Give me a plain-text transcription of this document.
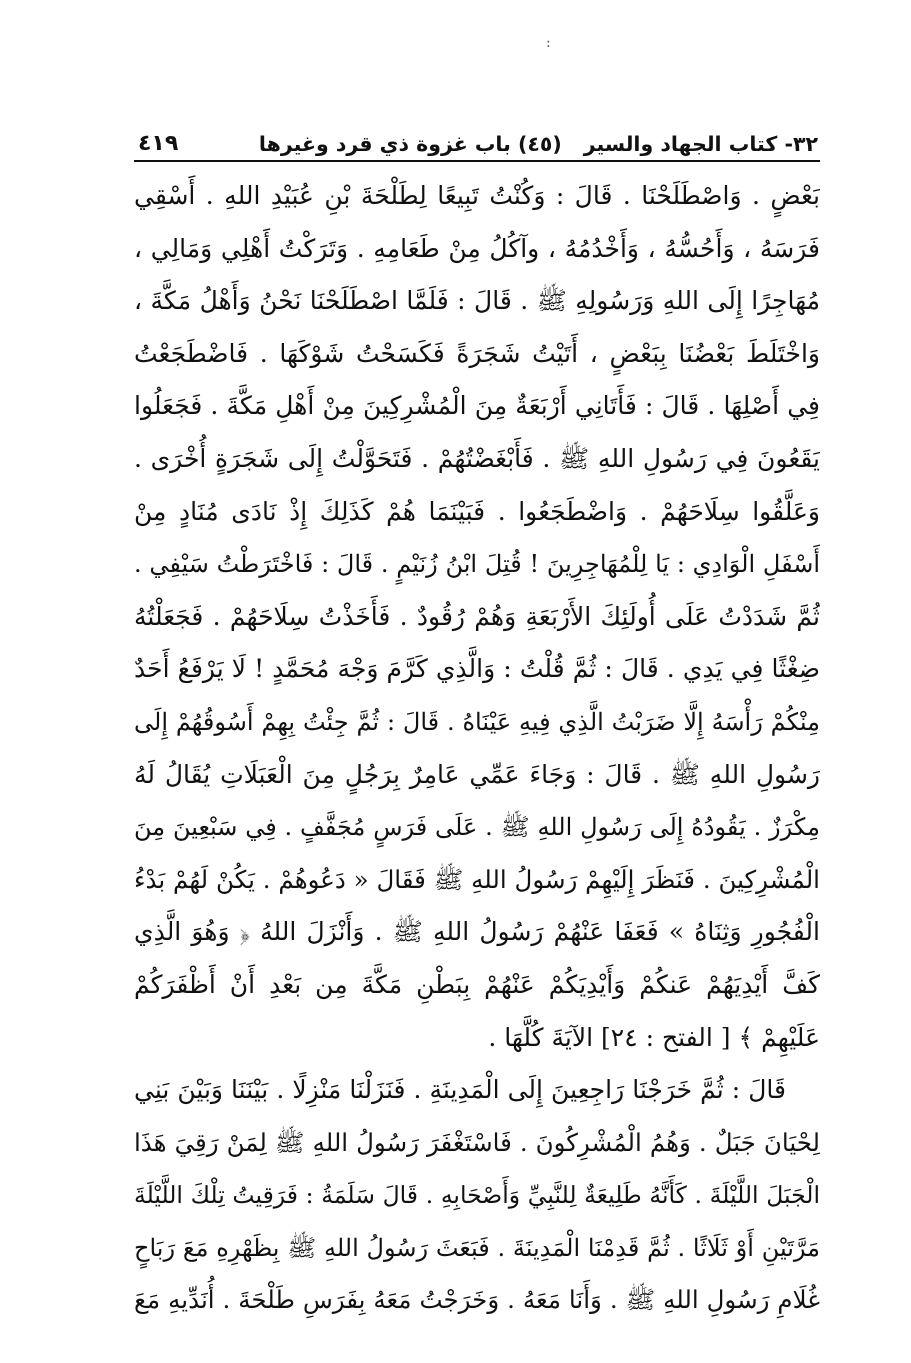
:
٣٢- كتاب الجهاد والسير(٤٥) باب غزوة ذي قرد وغيرها
٤١٩
بَعْضٍ . وَاصْطَلَحْنَا . قَالَ : وَكُنْتُ تَبِيعًا لِطَلْحَةَ بْنِ عُبَيْدِ اللهِ . أَسْقِي
فَرَسَهُ ، وَأَحُسُّهُ ، وَأَخْدُمُهُ ، وآكُلُ مِنْ طَعَامِهِ . وَتَرَكْتُ أَهْلِي وَمَالِي ،
مُهَاجِرًا إِلَى اللهِ وَرَسُولِهِ ﷺ . قَالَ : فَلَمَّا اصْطَلَحْنَا نَحْنُ وَأَهْلُ مَكَّةَ ،
وَاخْتَلَطَ بَعْضُنَا بِبَعْضٍ ، أَتَيْتُ شَجَرَةً فَكَسَحْتُ شَوْكَهَا . فَاضْطَجَعْتُ
فِي أَصْلِهَا . قَالَ : فَأَتَانِي أَرْبَعَةٌ مِنَ الْمُشْرِكِينَ مِنْ أَهْلِ مَكَّةَ . فَجَعَلُوا
يَقَعُونَ فِي رَسُولِ اللهِ ﷺ . فَأَبْغَضْتُهُمْ . فَتَحَوَّلْتُ إِلَى شَجَرَةٍ أُخْرَى .
وَعَلَّقُوا سِلَاحَهُمْ . وَاضْطَجَعُوا . فَبَيْنَمَا هُمْ كَذَلِكَ إِذْ نَادَى مُنَادٍ مِنْ
أَسْفَلِ الْوَادِي : يَا لِلْمُهَاجِرِينَ ! قُتِلَ ابْنُ زُنَيْمٍ . قَالَ : فَاخْتَرَطْتُ سَيْفِي .
ثُمَّ شَدَدْتُ عَلَى أُولَئِكَ الأَرْبَعَةِ وَهُمْ رُقُودٌ . فَأَخَذْتُ سِلَاحَهُمْ . فَجَعَلْتُهُ
ضِغْثًا فِي يَدِي . قَالَ : ثُمَّ قُلْتُ : وَالَّذِي كَرَّمَ وَجْهَ مُحَمَّدٍ ! لَا يَرْفَعُ أَحَدٌ
مِنْكُمْ رَأْسَهُ إِلَّا ضَرَبْتُ الَّذِي فِيهِ عَيْنَاهُ . قَالَ : ثُمَّ جِئْتُ بِهِمْ أَسُوقُهُمْ إِلَى
رَسُولِ اللهِ ﷺ . قَالَ : وَجَاءَ عَمِّي عَامِرٌ بِرَجُلٍ مِنَ الْعَبَلَاتِ يُقَالُ لَهُ
مِكْرَزٌ . يَقُودُهُ إِلَى رَسُولِ اللهِ ﷺ . عَلَى فَرَسٍ مُجَفَّفٍ . فِي سَبْعِينَ مِنَ
الْمُشْرِكِينَ . فَنَظَرَ إِلَيْهِمْ رَسُولُ اللهِ ﷺ فَقَالَ « دَعُوهُمْ . يَكُنْ لَهُمْ بَدْءُ
الْفُجُورِ وَثِنَاهُ » فَعَفَا عَنْهُمْ رَسُولُ اللهِ ﷺ . وَأَنْزَلَ اللهُ ﴿ وَهُوَ الَّذِي
كَفَّ أَيْدِيَهُمْ عَنكُمْ وَأَيْدِيَكُمْ عَنْهُمْ بِبَطْنِ مَكَّةَ مِن بَعْدِ أَنْ أَظْفَرَكُمْ
عَلَيْهِمْ ﴾ [ الفتح : ٢٤] الآيَةَ كُلَّهَا .
قَالَ : ثُمَّ خَرَجْنَا رَاجِعِينَ إِلَى الْمَدِينَةِ . فَنَزَلْنَا مَنْزِلًا . بَيْنَنَا وَبَيْنَ بَنِي
لِحْيَانَ جَبَلٌ . وَهُمُ الْمُشْرِكُونَ . فَاسْتَغْفَرَ رَسُولُ اللهِ ﷺ لِمَنْ رَقِيَ هَذَا
الْجَبَلَ اللَّيْلَةَ . كَأَنَّهُ طَلِيعَةٌ لِلنَّبِيِّ وَأَصْحَابِهِ . قَالَ سَلَمَةُ : فَرَقِيتُ تِلْكَ اللَّيْلَةَ
مَرَّتَيْنِ أَوْ ثَلَاثًا . ثُمَّ قَدِمْنَا الْمَدِينَةَ . فَبَعَثَ رَسُولُ اللهِ ﷺ بِظَهْرِهِ مَعَ رَبَاحٍ
غُلَامِ رَسُولِ اللهِ ﷺ . وَأَنَا مَعَهُ . وَخَرَجْتُ مَعَهُ بِفَرَسِ طَلْحَةَ . أُنَدِّيهِ مَعَ
